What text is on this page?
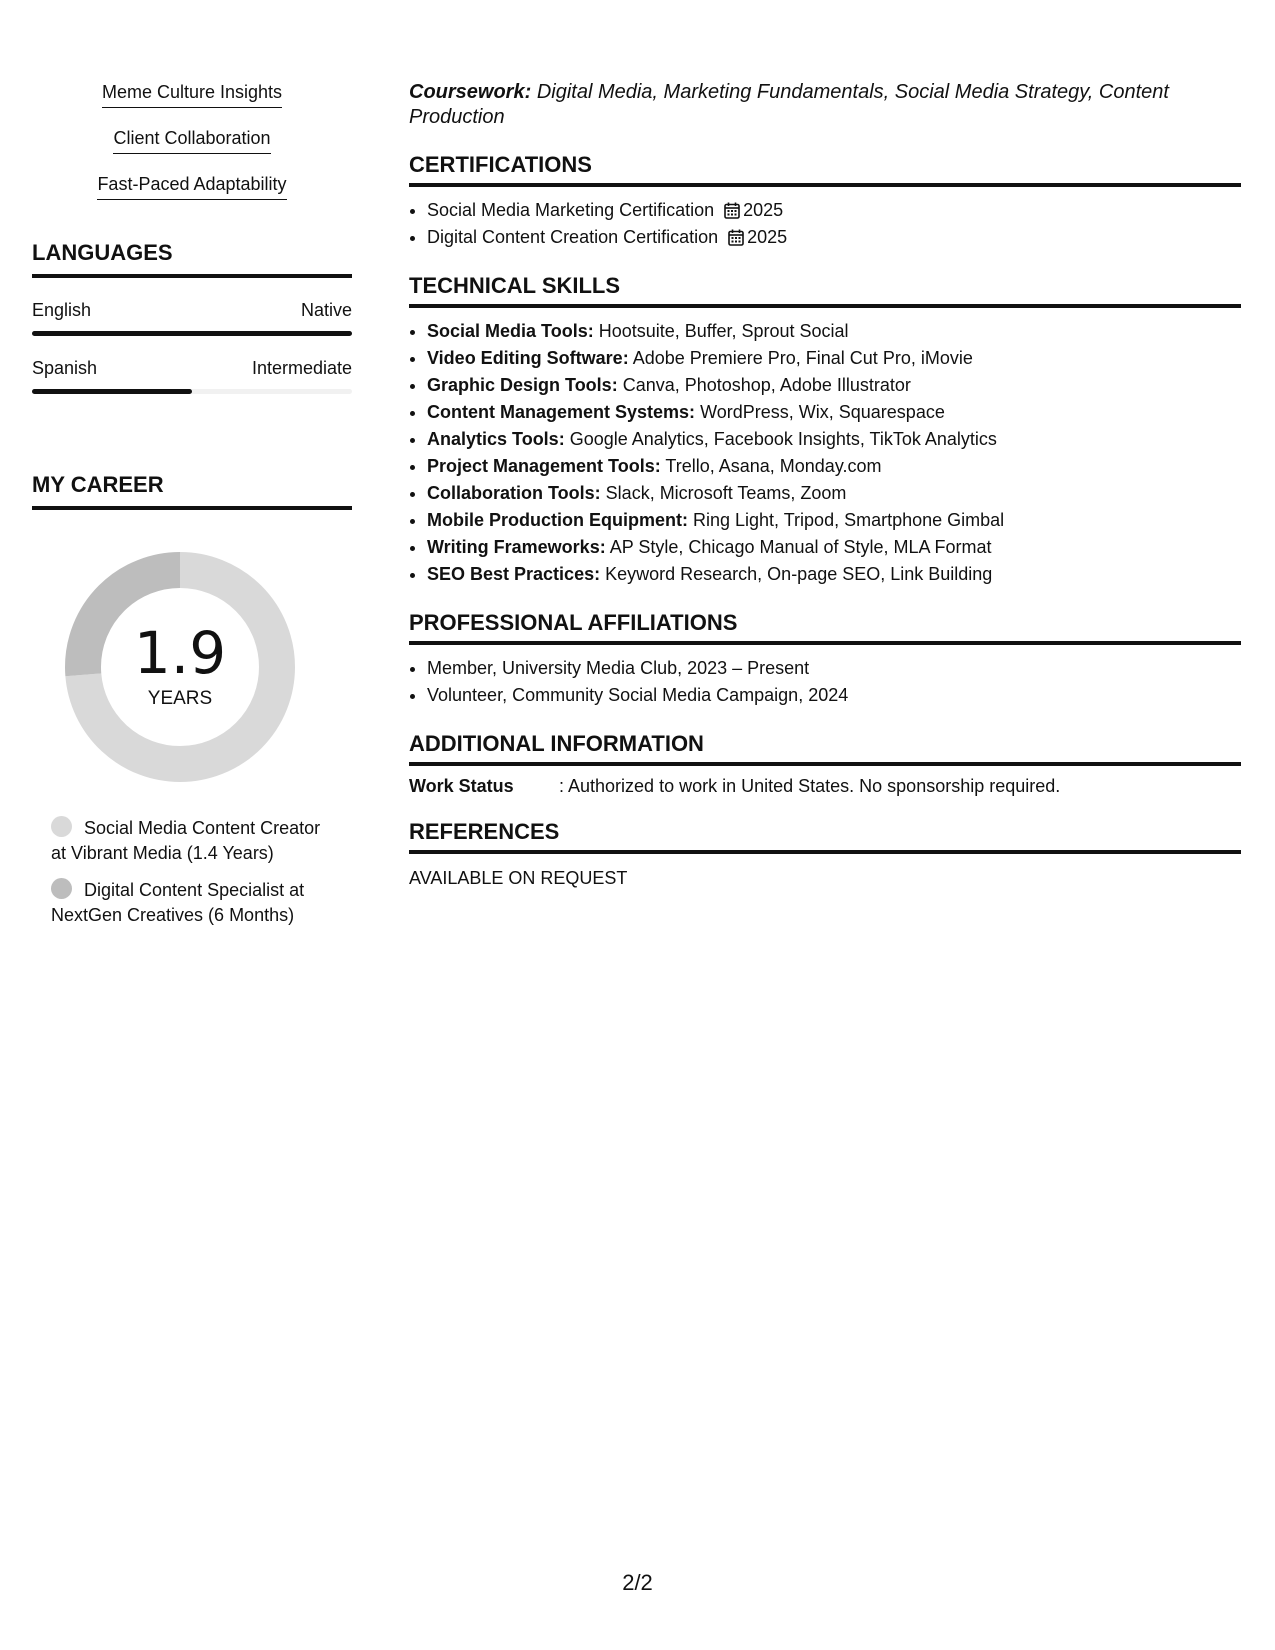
Meme Culture Insights
Client Collaboration
Fast-Paced Adaptability
LANGUAGES
English	Native
Spanish	Intermediate
MY CAREER
1.9
YEARS
Social Media Content Creator at Vibrant Media (1.4 Years)
Digital Content Specialist at NextGen Creatives (6 Months)
Coursework: Digital Media, Marketing Fundamentals, Social Media Strategy, Content Production
CERTIFICATIONS
• Social Media Marketing Certification 2025
• Digital Content Creation Certification 2025
TECHNICAL SKILLS
• Social Media Tools: Hootsuite, Buffer, Sprout Social
• Video Editing Software: Adobe Premiere Pro, Final Cut Pro, iMovie
• Graphic Design Tools: Canva, Photoshop, Adobe Illustrator
• Content Management Systems: WordPress, Wix, Squarespace
• Analytics Tools: Google Analytics, Facebook Insights, TikTok Analytics
• Project Management Tools: Trello, Asana, Monday.com
• Collaboration Tools: Slack, Microsoft Teams, Zoom
• Mobile Production Equipment: Ring Light, Tripod, Smartphone Gimbal
• Writing Frameworks: AP Style, Chicago Manual of Style, MLA Format
• SEO Best Practices: Keyword Research, On-page SEO, Link Building
PROFESSIONAL AFFILIATIONS
• Member, University Media Club, 2023 – Present
• Volunteer, Community Social Media Campaign, 2024
ADDITIONAL INFORMATION
Work Status	: Authorized to work in United States. No sponsorship required.
REFERENCES
AVAILABLE ON REQUEST
2/2
